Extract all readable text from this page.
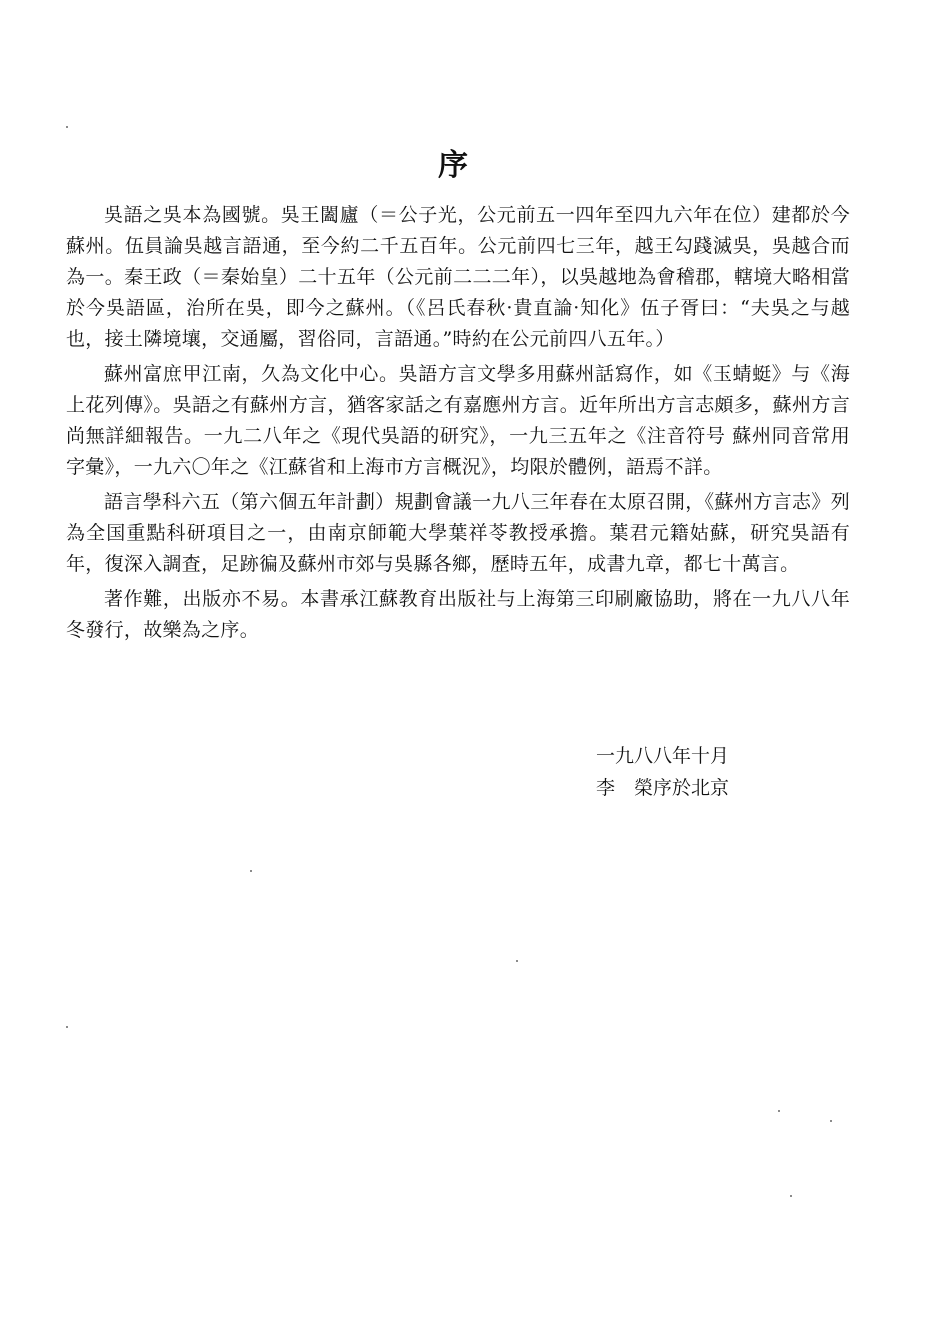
序

吳語之吳本為國號。吳王闔廬（＝公子光，公元前五一四年至四九六年在位）建都於今蘇州。伍員論吳越言語通，至今約二千五百年。公元前四七三年，越王勾踐滅吳，吳越合而為一。秦王政（＝秦始皇）二十五年（公元前二二二年），以吳越地為會稽郡，轄境大略相當於今吳語區，治所在吳，即今之蘇州。（《呂氏春秋·貴直論·知化》伍子胥曰：“夫吳之与越也，接土隣境壤，交通屬，習俗同，言語通。”時約在公元前四八五年。）

蘇州富庶甲江南，久為文化中心。吳語方言文學多用蘇州話寫作，如《玉蜻蜓》与《海上花列傳》。吳語之有蘇州方言，猶客家話之有嘉應州方言。近年所出方言志頗多，蘇州方言尚無詳細報告。一九二八年之《現代吳語的研究》，一九三五年之《注音符号 蘇州同音常用字彙》，一九六〇年之《江蘇省和上海市方言概況》，均限於體例，語焉不詳。

語言學科六五（第六個五年計劃）規劃會議一九八三年春在太原召開，《蘇州方言志》列為全国重點科研項目之一，由南京師範大學葉祥苓教授承擔。葉君元籍姑蘇，研究吳語有年，復深入調査，足跡徧及蘇州市郊与吳縣各鄉，歷時五年，成書九章，都七十萬言。

著作難，出版亦不易。本書承江蘇教育出版社与上海第三印刷廠協助，將在一九八八年冬發行，故樂為之序。

一九八八年十月
李　榮序於北京
